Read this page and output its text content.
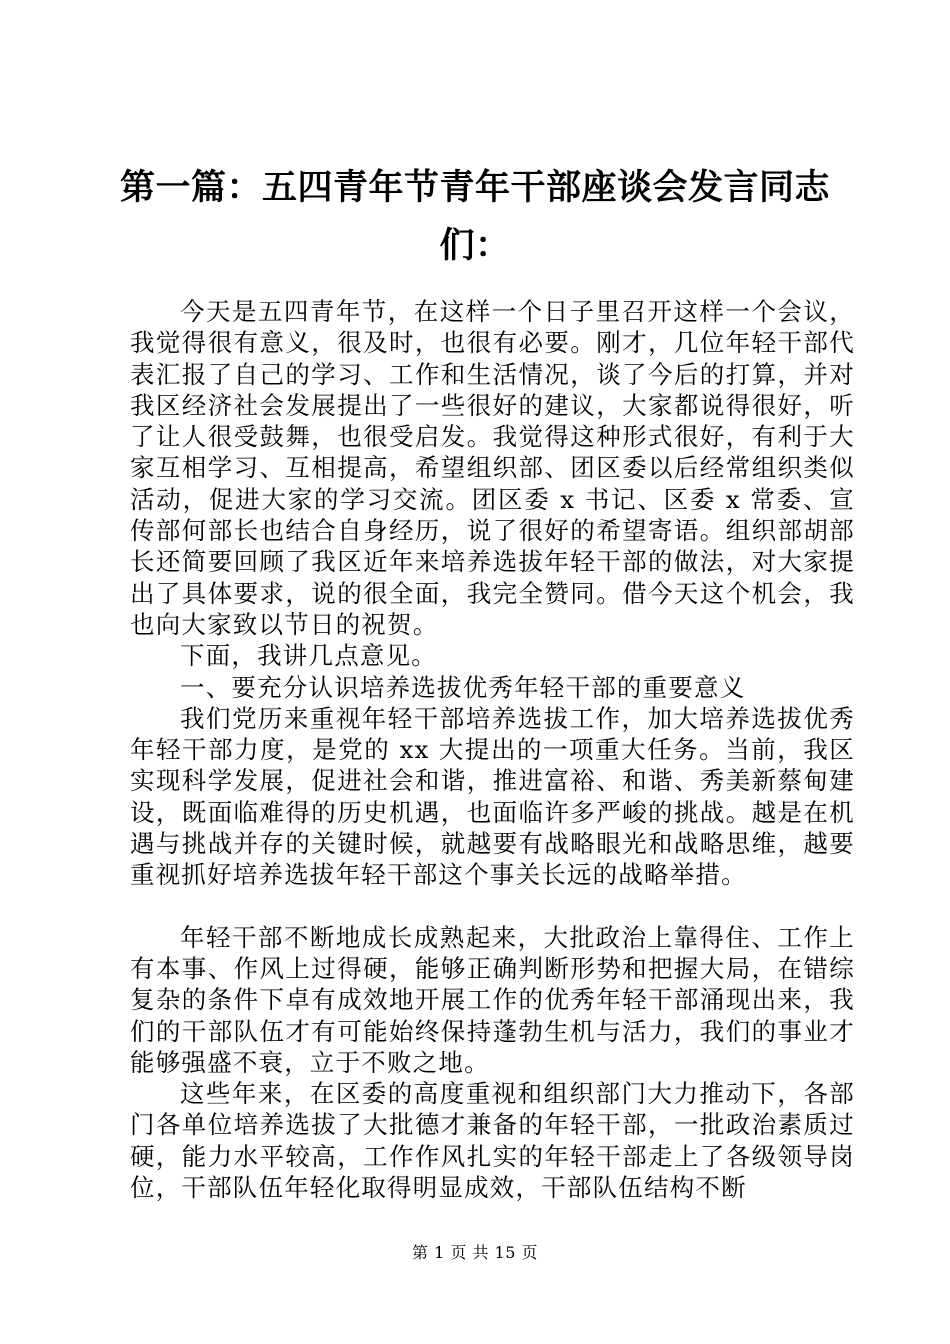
第一篇：五四青年节青年干部座谈会发言同志
们：

今天是五四青年节，在这样一个日子里召开这样一个会议，我觉得很有意义，很及时，也很有必要。刚才，几位年轻干部代表汇报了自己的学习、工作和生活情况，谈了今后的打算，并对我区经济社会发展提出了一些很好的建议，大家都说得很好，听了让人很受鼓舞，也很受启发。我觉得这种形式很好，有利于大家互相学习、互相提高，希望组织部、团区委以后经常组织类似活动，促进大家的学习交流。团区委 x 书记、区委 x 常委、宣传部何部长也结合自身经历，说了很好的希望寄语。组织部胡部长还简要回顾了我区近年来培养选拔年轻干部的做法，对大家提出了具体要求，说的很全面，我完全赞同。借今天这个机会，我也向大家致以节日的祝贺。

下面，我讲几点意见。

一、要充分认识培养选拔优秀年轻干部的重要意义

我们党历来重视年轻干部培养选拔工作，加大培养选拔优秀年轻干部力度，是党的 xx 大提出的一项重大任务。当前，我区实现科学发展，促进社会和谐，推进富裕、和谐、秀美新蔡甸建设，既面临难得的历史机遇，也面临许多严峻的挑战。越是在机遇与挑战并存的关键时候，就越要有战略眼光和战略思维，越要重视抓好培养选拔年轻干部这个事关长远的战略举措。

年轻干部不断地成长成熟起来，大批政治上靠得住、工作上有本事、作风上过得硬，能够正确判断形势和把握大局，在错综复杂的条件下卓有成效地开展工作的优秀年轻干部涌现出来，我们的干部队伍才有可能始终保持蓬勃生机与活力，我们的事业才能够强盛不衰，立于不败之地。

这些年来，在区委的高度重视和组织部门大力推动下，各部门各单位培养选拔了大批德才兼备的年轻干部，一批政治素质过硬，能力水平较高，工作作风扎实的年轻干部走上了各级领导岗位，干部队伍年轻化取得明显成效，干部队伍结构不断

第 1 页 共 15 页
